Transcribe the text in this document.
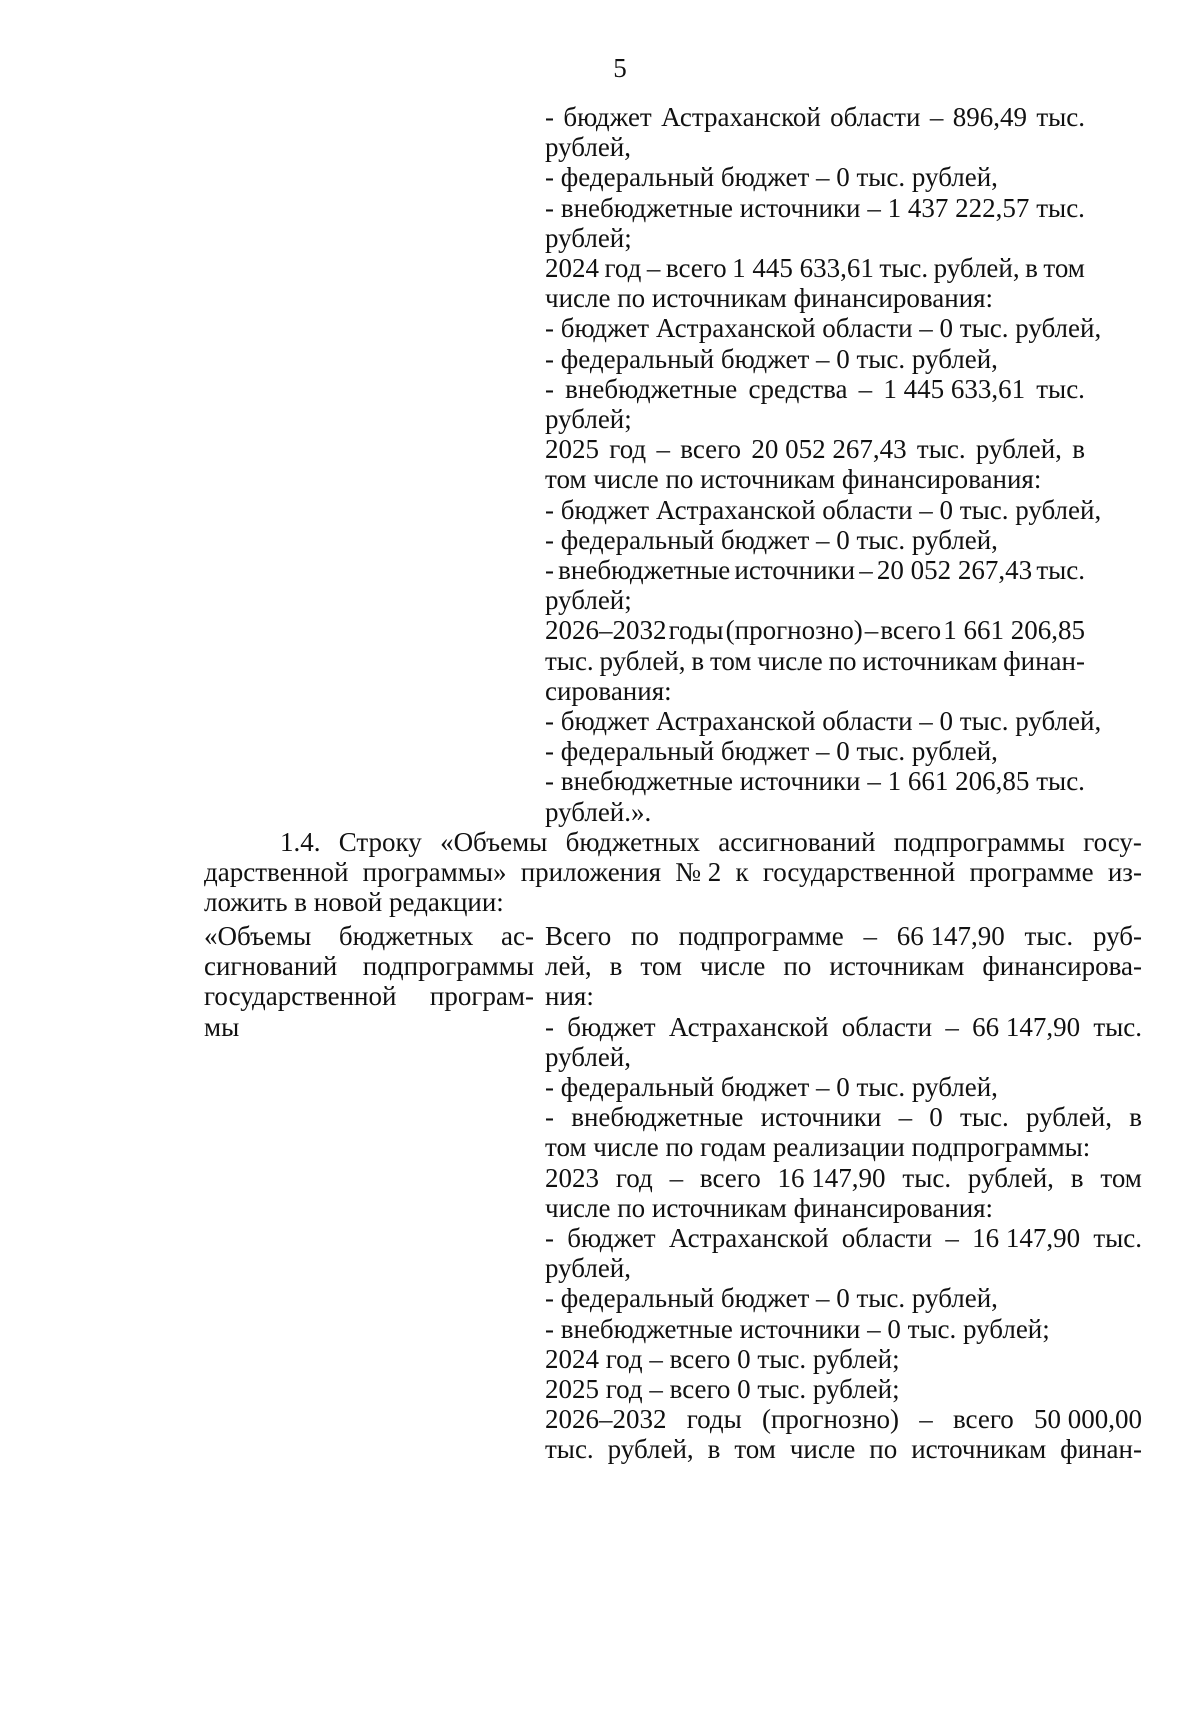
5
- бюджет Астраханской области – 896,49 тыс.
рублей,
- федеральный бюджет – 0 тыс. рублей,
- внебюджетные источники – 1 437 222,57 тыс.
рублей;
2024 год – всего 1 445 633,61 тыс. рублей, в том
числе по источникам финансирования:
- бюджет Астраханской области – 0 тыс. рублей,
- федеральный бюджет – 0 тыс. рублей,
- внебюджетные средства – 1 445 633,61 тыс.
рублей;
2025 год – всего 20 052 267,43 тыс. рублей, в
том числе по источникам финансирования:
- бюджет Астраханской области – 0 тыс. рублей,
- федеральный бюджет – 0 тыс. рублей,
- внебюджетные источники – 20 052 267,43 тыс.
рублей;
2026–2032 годы (прогнозно) – всего 1 661 206,85
тыс. рублей, в том числе по источникам финан-
сирования:
- бюджет Астраханской области – 0 тыс. рублей,
- федеральный бюджет – 0 тыс. рублей,
- внебюджетные источники – 1 661 206,85 тыс.
рублей.».
1.4. Строку «Объемы бюджетных ассигнований подпрограммы госу-
дарственной программы» приложения № 2 к государственной программе из-
ложить в новой редакции:
«Объемы бюджетных ас-
сигнований подпрограммы
государственной програм-
мы
Всего по подпрограмме – 66 147,90 тыс. руб-
лей, в том числе по источникам финансирова-
ния:
- бюджет Астраханской области – 66 147,90 тыс.
рублей,
- федеральный бюджет – 0 тыс. рублей,
- внебюджетные источники – 0 тыс. рублей, в
том числе по годам реализации подпрограммы:
2023 год – всего 16 147,90 тыс. рублей, в том
числе по источникам финансирования:
- бюджет Астраханской области – 16 147,90 тыс.
рублей,
- федеральный бюджет – 0 тыс. рублей,
- внебюджетные источники – 0 тыс. рублей;
2024 год – всего 0 тыс. рублей;
2025 год – всего 0 тыс. рублей;
2026–2032 годы (прогнозно) – всего 50 000,00
тыс. рублей, в том числе по источникам финан-
